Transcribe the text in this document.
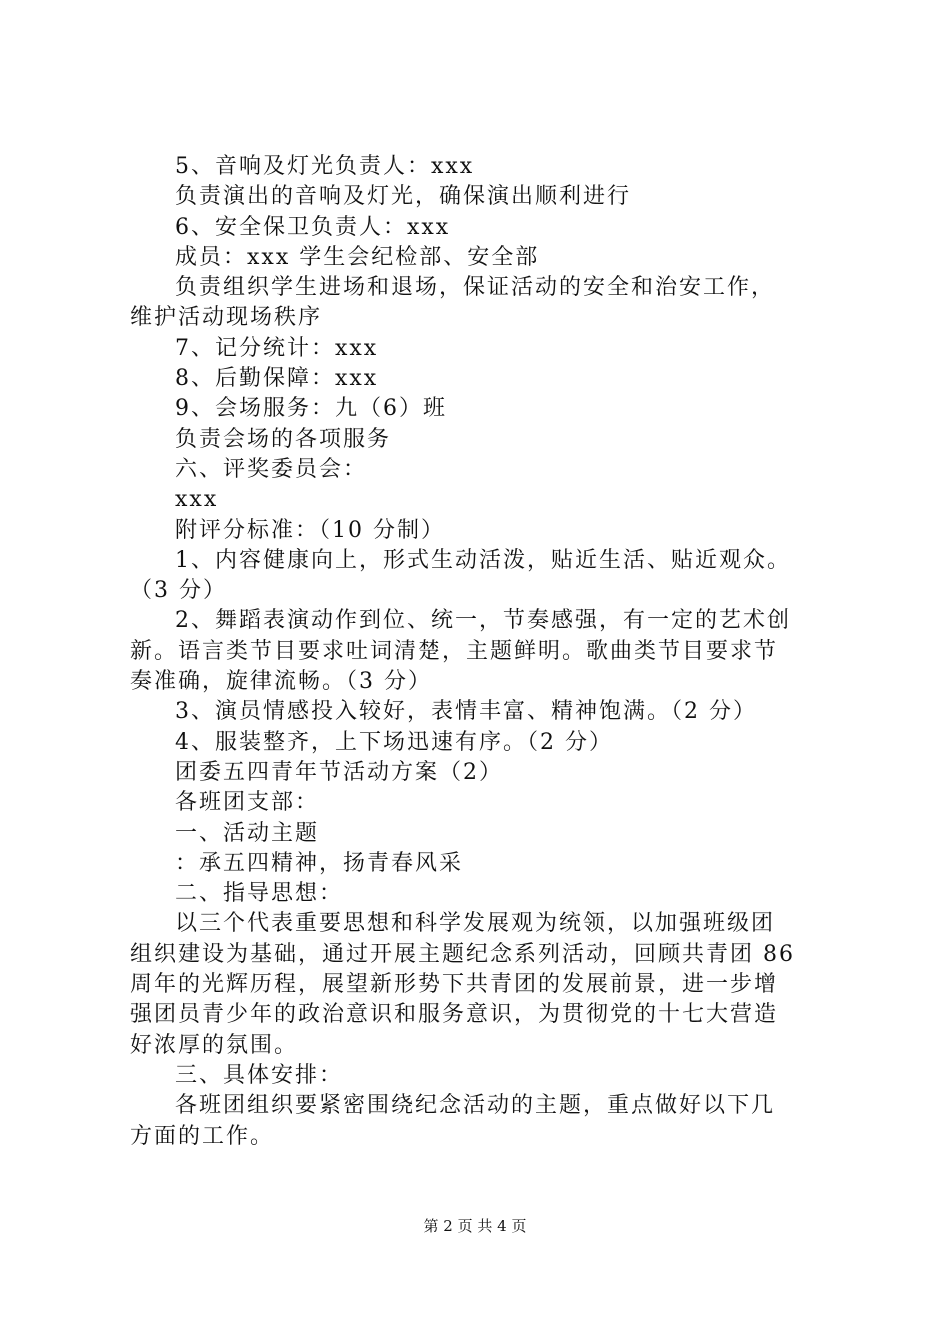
5、音响及灯光负责人：xxx
负责演出的音响及灯光，确保演出顺利进行
6、安全保卫负责人：xxx
成员：xxx 学生会纪检部、安全部
负责组织学生进场和退场，保证活动的安全和治安工作，
维护活动现场秩序
7、记分统计：xxx
8、后勤保障：xxx
9、会场服务：九（6）班
负责会场的各项服务
六、评奖委员会：
xxx
附评分标准：（10 分制）
1、内容健康向上，形式生动活泼，贴近生活、贴近观众。
（3 分）
2、舞蹈表演动作到位、统一，节奏感强，有一定的艺术创
新。语言类节目要求吐词清楚，主题鲜明。歌曲类节目要求节
奏准确，旋律流畅。（3 分）
3、演员情感投入较好，表情丰富、精神饱满。（2 分）
4、服装整齐，上下场迅速有序。（2 分）
团委五四青年节活动方案（2）
各班团支部：
一、活动主题
：承五四精神，扬青春风采
二、指导思想：
以三个代表重要思想和科学发展观为统领，以加强班级团
组织建设为基础，通过开展主题纪念系列活动，回顾共青团 86
周年的光辉历程，展望新形势下共青团的发展前景，进一步增
强团员青少年的政治意识和服务意识，为贯彻党的十七大营造
好浓厚的氛围。
三、具体安排：
各班团组织要紧密围绕纪念活动的主题，重点做好以下几
方面的工作。
第 2 页 共 4 页
